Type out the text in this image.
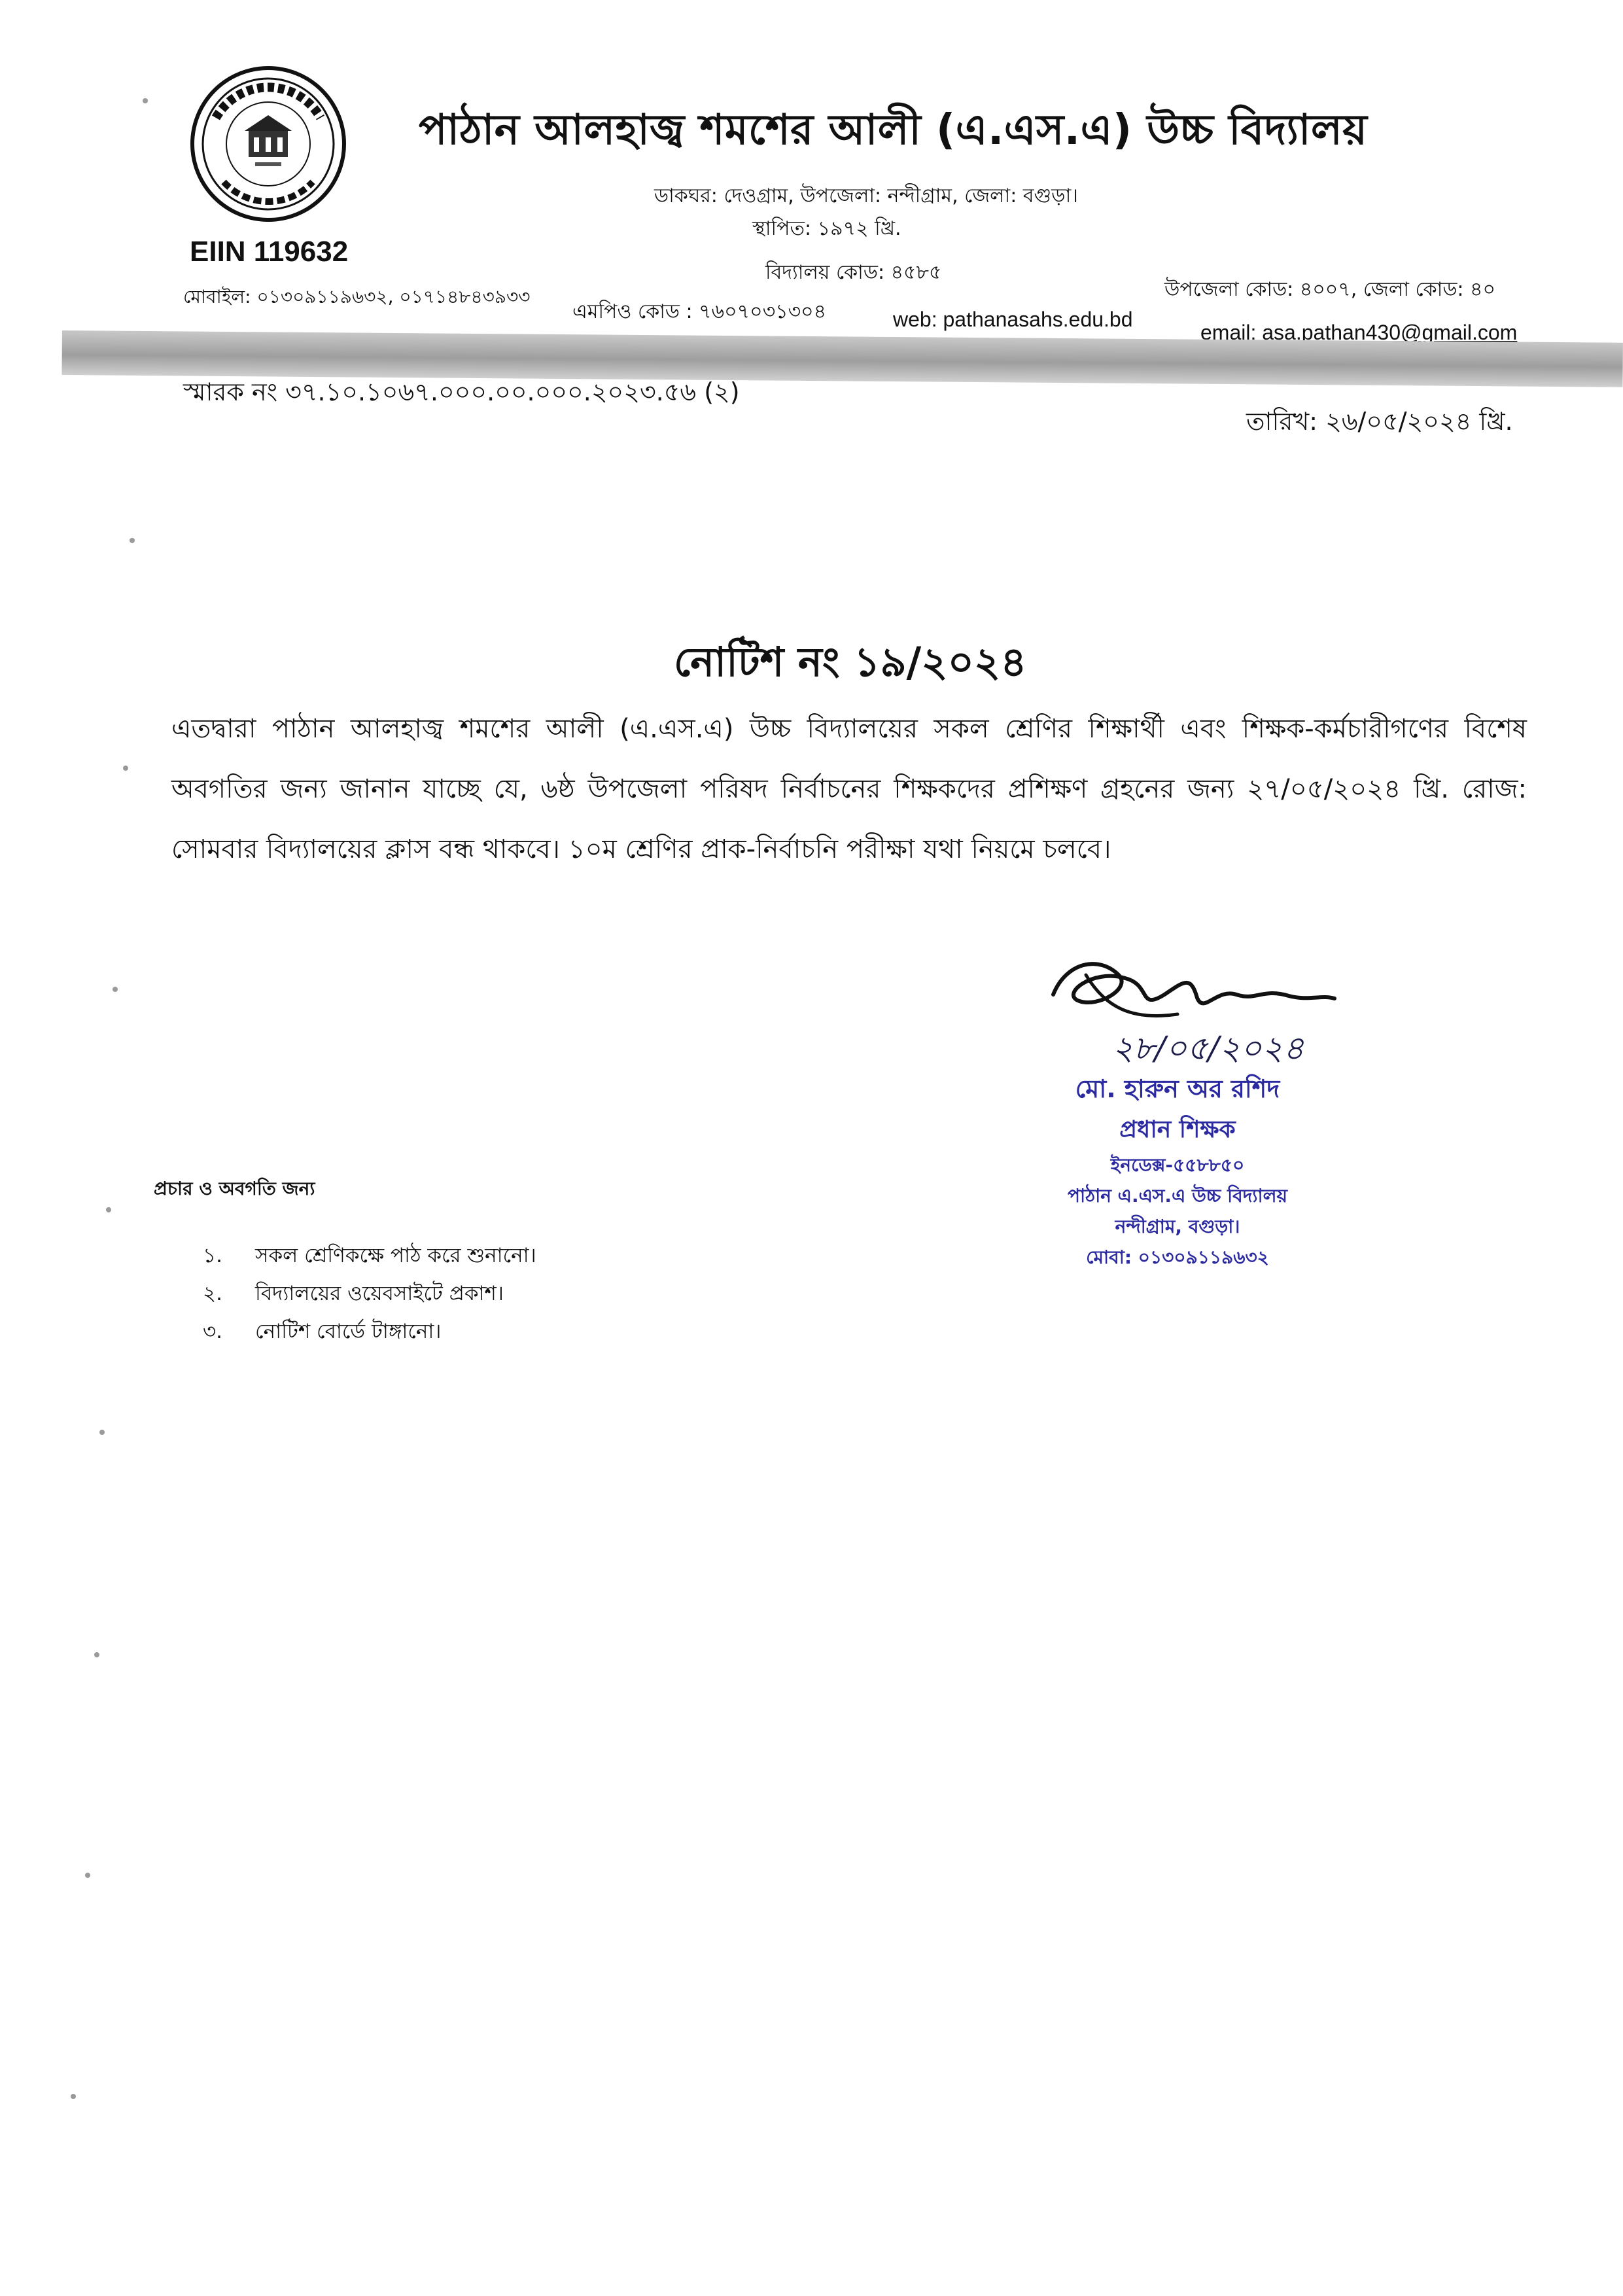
পাঠান আলহাজ্ব শমশের আলী (এ.এস.এ) উচ্চ বিদ্যালয়
ডাকঘর: দেওগ্রাম, উপজেলা: নন্দীগ্রাম, জেলা: বগুড়া।
স্থাপিত: ১৯৭২ খ্রি.
EIIN 119632
বিদ্যালয় কোড: ৪৫৮৫
উপজেলা কোড: ৪০০৭, জেলা কোড: ৪০
মোবাইল: ০১৩০৯১১৯৬৩২, ০১৭১৪৮৪৩৯৩৩
এমপিও কোড : ৭৬০৭০৩১৩০৪	web: pathanasahs.edu.bd
email: asa.pathan430@gmail.com
স্মারক নং ৩৭.১০.১০৬৭.০০০.০০.০০০.২০২৩.৫৬ (২)
তারিখ: ২৬/০৫/২০২৪ খ্রি.
নোটিশ নং ১৯/২০২৪
এতদ্বারা পাঠান আলহাজ্ব শমশের আলী (এ.এস.এ) উচ্চ বিদ্যালয়ের সকল শ্রেণির শিক্ষার্থী এবং শিক্ষক-কর্মচারীগণের বিশেষ অবগতির জন্য জানান যাচ্ছে যে, ৬ষ্ঠ উপজেলা পরিষদ নির্বাচনের শিক্ষকদের প্রশিক্ষণ গ্রহনের জন্য ২৭/০৫/২০২৪ খ্রি. রোজ: সোমবার বিদ্যালয়ের ক্লাস বন্ধ থাকবে। ১০ম শ্রেণির প্রাক-নির্বাচনি পরীক্ষা যথা নিয়মে চলবে।
২৮/০৫/২০২৪
মো. হারুন অর রশিদ
প্রধান শিক্ষক
ইনডেক্স-৫৫৮৮৫০
পাঠান এ.এস.এ উচ্চ বিদ্যালয়
নন্দীগ্রাম, বগুড়া।
মোবা: ০১৩০৯১১৯৬৩২
প্রচার ও অবগতি জন্য
১.	সকল শ্রেণিকক্ষে পাঠ করে শুনানো।
২.	বিদ্যালয়ের ওয়েবসাইটে প্রকাশ।
৩.	নোটিশ বোর্ডে টাঙ্গানো।
